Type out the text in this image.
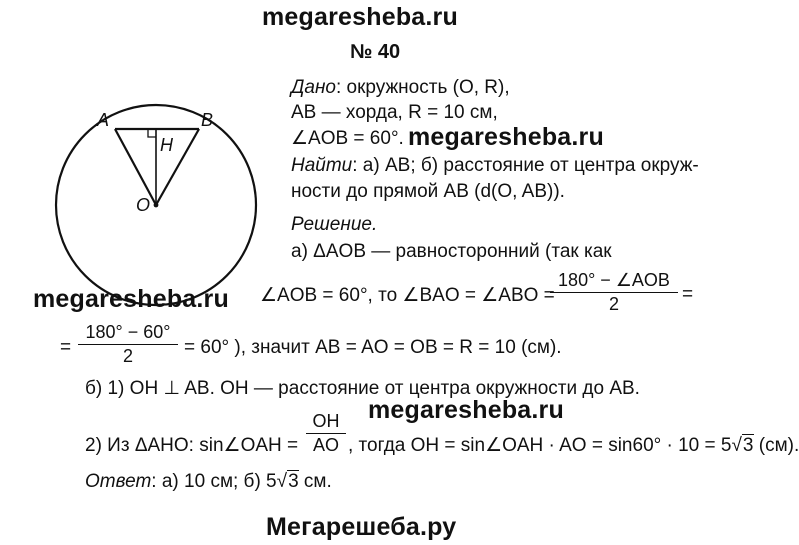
megaresheba.ru
megaresheba.ru
megaresheba.ru
megaresheba.ru
Мегарешеба.ру
№ 40
A	B
H
O
Дано: окружность (O, R),
AB — хорда, R = 10 см,
∠AOB = 60°.
Найти: а) AB; б) расстояние от центра окруж-
ности до прямой AB (d(O, AB)).
Решение.
а) ΔAOB — равносторонний (так как
∠AOB = 60°, то ∠BAO = ∠ABO =
180° − ∠AOB
2	=
=
180° − 60°
2	= 60° ), значит AB = AO = OB = R = 10 (см).
б) 1) OH ⊥ AB. OH — расстояние от центра окружности до AB.
2) Из ΔAHO: sin∠OAH =
OH
AO , тогда OH = sin∠OAH · AO = sin60° · 10 = 5√3 (см).
Ответ: а) 10 см; б) 5√3 см.
